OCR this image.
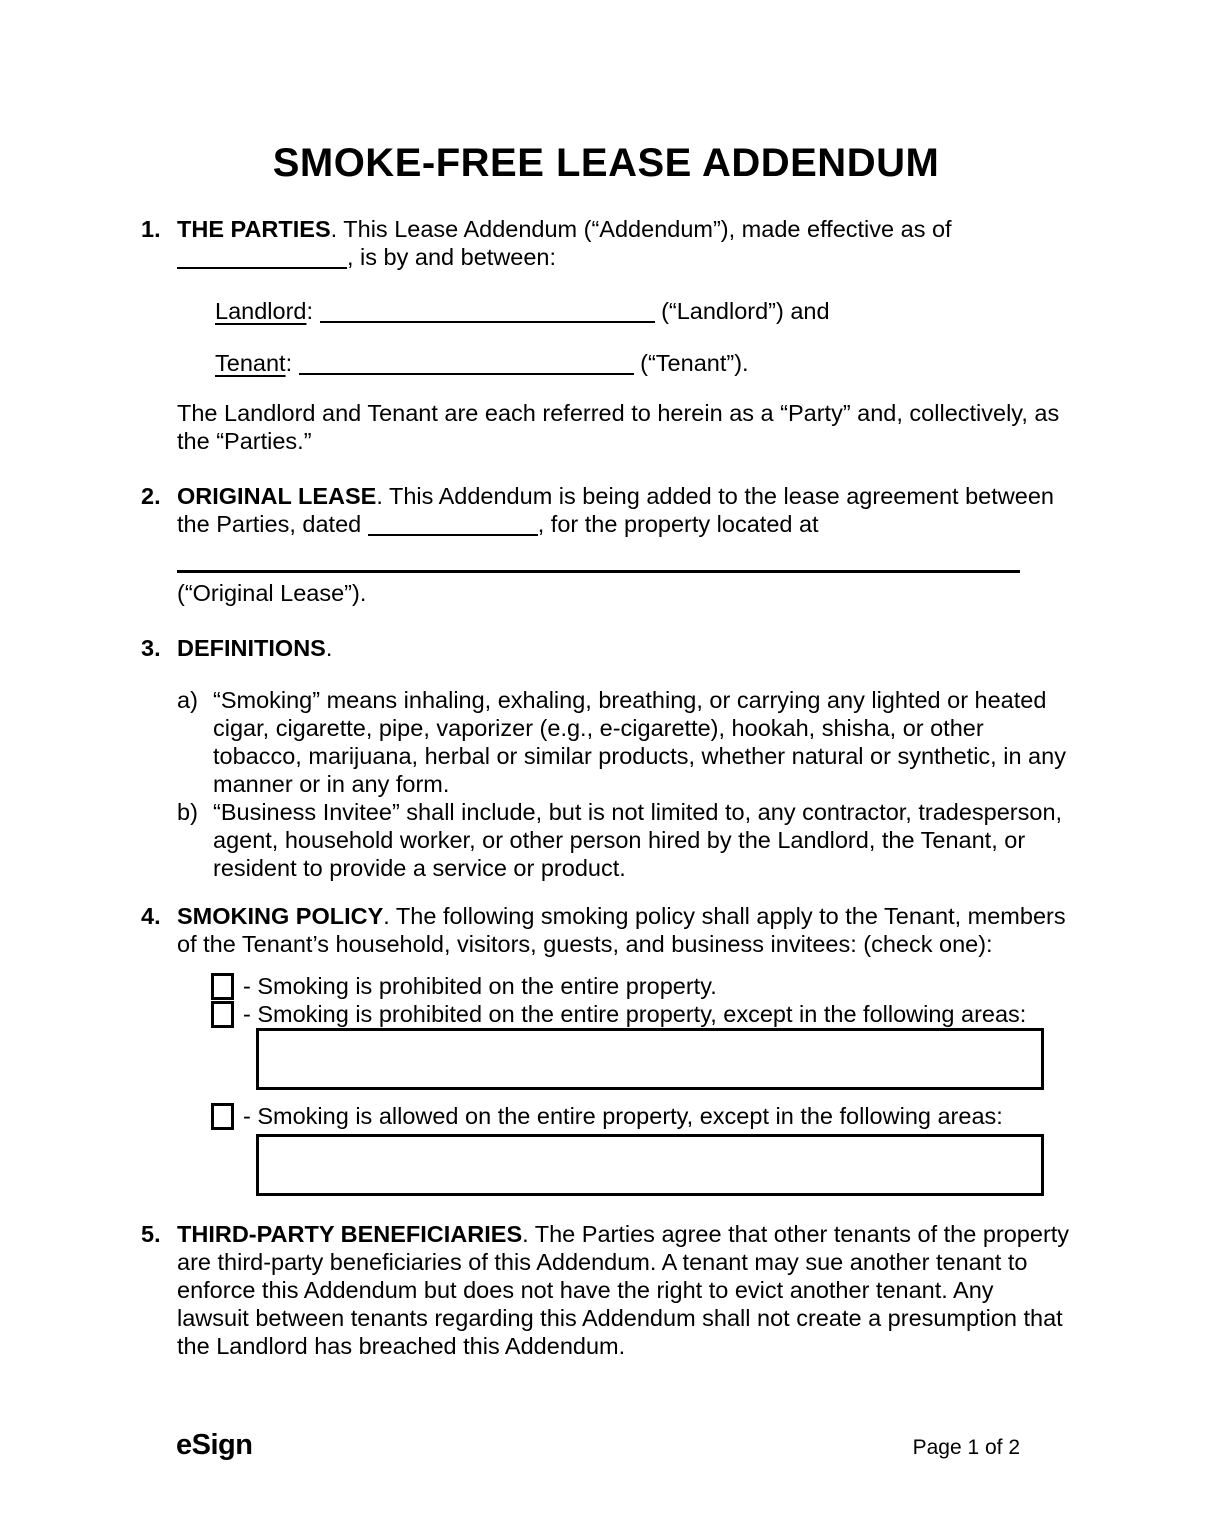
SMOKE-FREE LEASE ADDENDUM
1. THE PARTIES. This Lease Addendum (“Addendum”), made effective as of
, is by and between:

Landlord:	(“Landlord”) and

Tenant:	(“Tenant”).

The Landlord and Tenant are each referred to herein as a “Party” and, collectively, as the “Parties.”

2. ORIGINAL LEASE. This Addendum is being added to the lease agreement between the Parties, dated	, for the property located at

(“Original Lease”).

3. DEFINITIONS.

a) “Smoking” means inhaling, exhaling, breathing, or carrying any lighted or heated cigar, cigarette, pipe, vaporizer (e.g., e-cigarette), hookah, shisha, or other tobacco, marijuana, herbal or similar products, whether natural or synthetic, in any manner or in any form.
b) “Business Invitee” shall include, but is not limited to, any contractor, tradesperson, agent, household worker, or other person hired by the Landlord, the Tenant, or resident to provide a service or product.
4. SMOKING POLICY. The following smoking policy shall apply to the Tenant, members of the Tenant’s household, visitors, guests, and business invitees: (check one):

- Smoking is prohibited on the entire property.
- Smoking is prohibited on the entire property, except in the following areas:
- Smoking is allowed on the entire property, except in the following areas:
5. THIRD-PARTY BENEFICIARIES. The Parties agree that other tenants of the property are third-party beneficiaries of this Addendum. A tenant may sue another tenant to enforce this Addendum but does not have the right to evict another tenant. Any lawsuit between tenants regarding this Addendum shall not create a presumption that the Landlord has breached this Addendum.

eSign	Page 1 of 2
